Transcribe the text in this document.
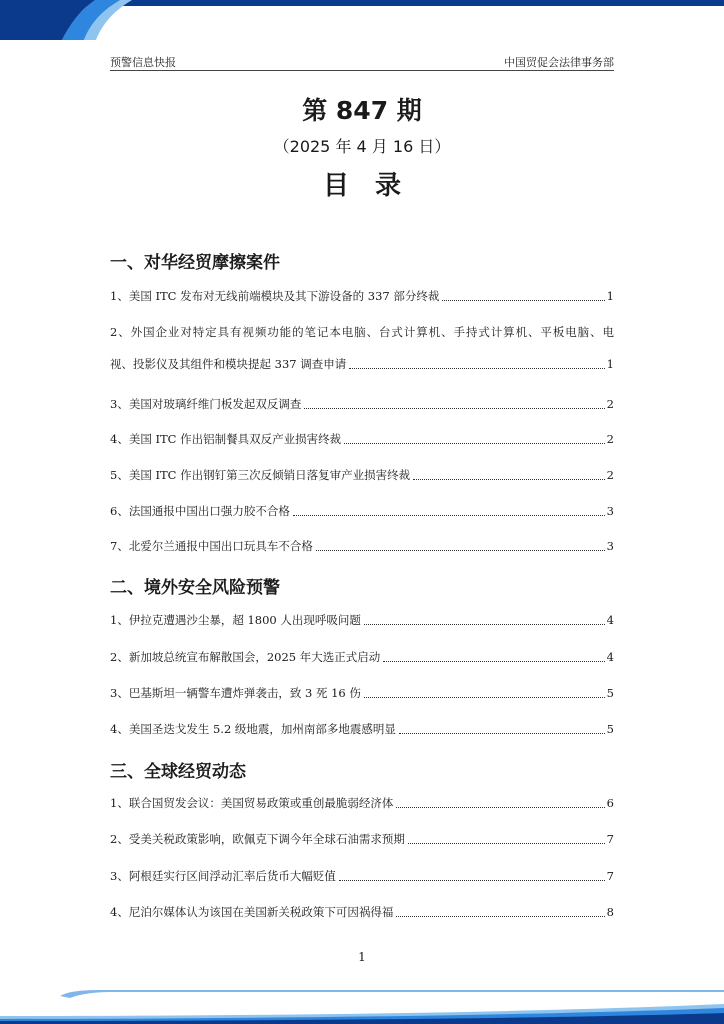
预警信息快报	中国贸促会法律事务部
第 847 期
（2025 年 4 月 16 日）
目录
一、对华经贸摩擦案件
1、美国 ITC 发布对无线前端模块及其下游设备的 337 部分终裁	1
2、外国企业对特定具有视频功能的笔记本电脑、台式计算机、手持式计算机、平板电脑、电
视、投影仪及其组件和模块提起 337 调查申请	1
3、美国对玻璃纤维门板发起双反调查	2
4、美国 ITC 作出铝制餐具双反产业损害终裁	2
5、美国 ITC 作出钢钉第三次反倾销日落复审产业损害终裁	2
6、法国通报中国出口强力胶不合格	3
7、北爱尔兰通报中国出口玩具车不合格	3
二、境外安全风险预警
1、伊拉克遭遇沙尘暴，超 1800 人出现呼吸问题	4
2、新加坡总统宣布解散国会，2025 年大选正式启动	4
3、巴基斯坦一辆警车遭炸弹袭击，致 3 死 16 伤	5
4、美国圣迭戈发生 5.2 级地震，加州南部多地震感明显	5
三、全球经贸动态
1、联合国贸发会议：美国贸易政策或重创最脆弱经济体	6
2、受美关税政策影响，欧佩克下调今年全球石油需求预期	7
3、阿根廷实行区间浮动汇率后货币大幅贬值	7
4、尼泊尔媒体认为该国在美国新关税政策下可因祸得福	8
1
